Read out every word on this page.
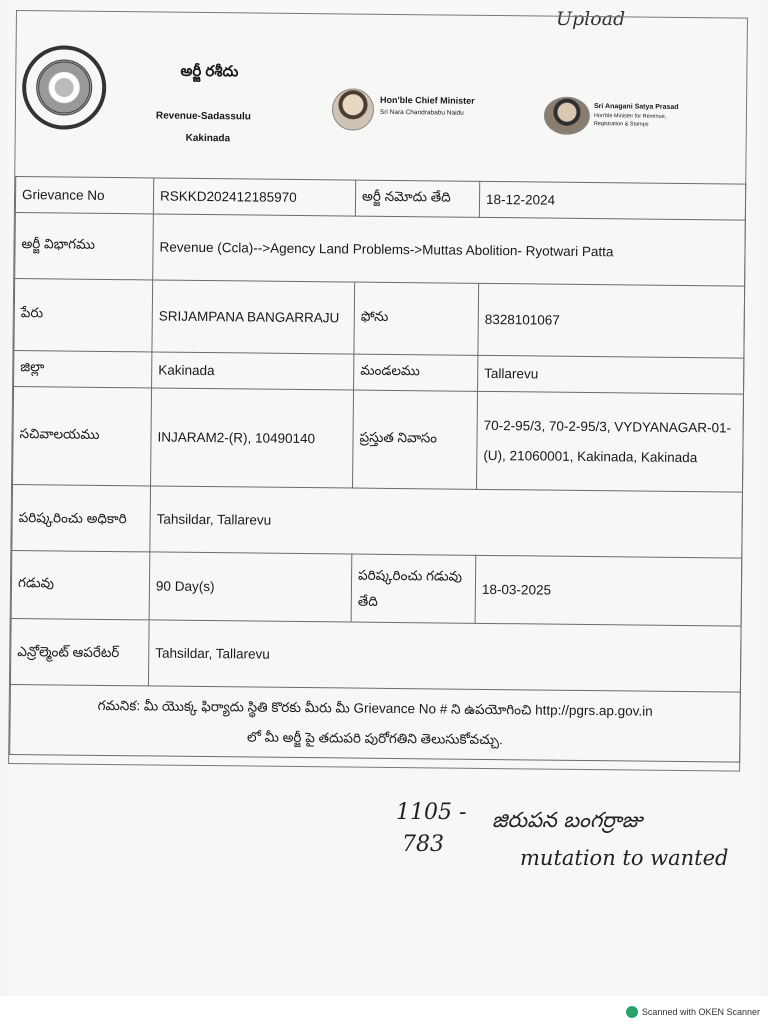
Upload
అర్జీ రశీదు
Revenue-Sadassulu
Kakinada
Hon'ble Chief Minister
Sri Nara Chandrababu Naidu
Sri Anagani Satya Prasad
Hon'ble Minister for Revenue,
Registration & Stamps
Grievance No	RSKKD202412185970	అర్జీ నమోదు తేది	18-12-2024
అర్జీ విభాగము	Revenue (Ccla)-->Agency Land Problems->Muttas Abolition- Ryotwari Patta		
పేరు	SRIJAMPANA BANGARRAJU	ఫోను	8328101067
జిల్లా	Kakinada	మండలము	Tallarevu
సచివాలయము	INJARAM2-(R), 10490140	ప్రస్తుత నివాసం	70-2-95/3, 70-2-95/3, VYDYANAGAR-01-(U), 21060001, Kakinada, Kakinada
పరిష్కరించు అధికారి	Tahsildar, Tallarevu		
గడువు	90 Day(s)	పరిష్కరించు గడువు తేది	18-03-2025
ఎన్రోల్మెంట్ ఆపరేటర్	Tahsildar, Tallarevu		

గమనిక: మీ యొక్క ఫిర్యాదు స్థితి కొరకు మీరు మీ Grievance No # ని ఉపయోగించి http://pgrs.ap.gov.in
లో మీ అర్జీ పై తదుపరి పురోగతిని తెలుసుకోవచ్చు.			
1105 - జిరుపన బంగర్రాజు
783
mutation to wanted
Scanned with OKEN Scanner
